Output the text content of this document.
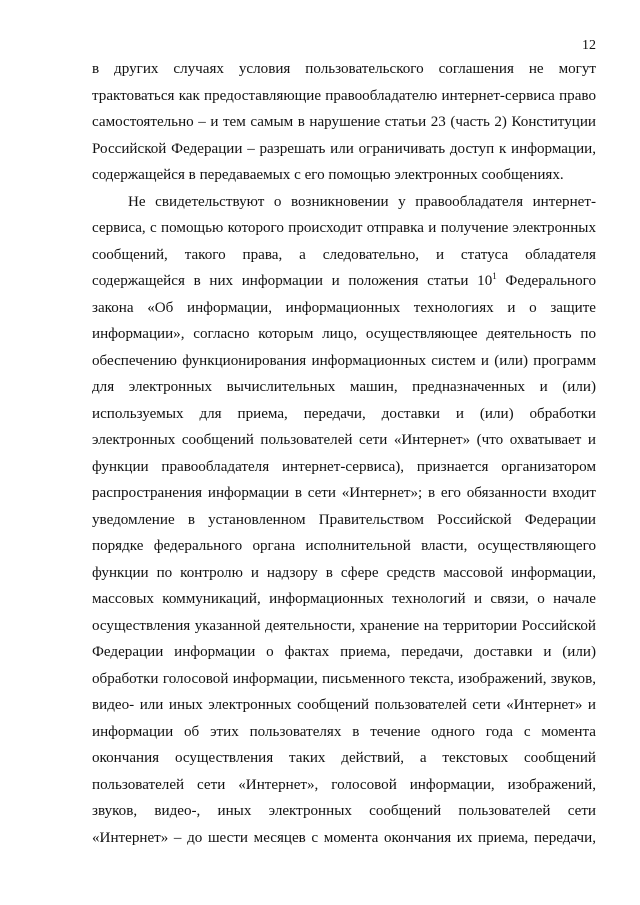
12
в других случаях условия пользовательского соглашения не могут
трактоваться как предоставляющие правообладателю интернет-сервиса право
самостоятельно – и тем самым в нарушение статьи 23 (часть 2) Конституции
Российской Федерации – разрешать или ограничивать доступ к информации,
содержащейся в передаваемых с его помощью электронных сообщениях.
Не свидетельствуют о возникновении у правообладателя интернет-
сервиса, с помощью которого происходит отправка и получение электронных
сообщений, такого права, а следовательно, и статуса обладателя
содержащейся в них информации и положения статьи $10^1$ Федерального
закона «Об информации, информационных технологиях и о защите
информации», согласно которым лицо, осуществляющее деятельность по
обеспечению функционирования информационных систем и (или) программ
для электронных вычислительных машин, предназначенных и (или)
используемых для приема, передачи, доставки и (или) обработки
электронных сообщений пользователей сети «Интернет» (что охватывает и
функции правообладателя интернет-сервиса), признается организатором
распространения информации в сети «Интернет»; в его обязанности входит
уведомление в установленном Правительством Российской Федерации
порядке федерального органа исполнительной власти, осуществляющего
функции по контролю и надзору в сфере средств массовой информации,
массовых коммуникаций, информационных технологий и связи, о начале
осуществления указанной деятельности, хранение на территории Российской
Федерации информации о фактах приема, передачи, доставки и (или)
обработки голосовой информации, письменного текста, изображений, звуков,
видео- или иных электронных сообщений пользователей сети «Интернет» и
информации об этих пользователях в течение одного года с момента
окончания осуществления таких действий, а текстовых сообщений
пользователей сети «Интернет», голосовой информации, изображений,
звуков, видео-, иных электронных сообщений пользователей сети
«Интернет» – до шести месяцев с момента окончания их приема, передачи,
